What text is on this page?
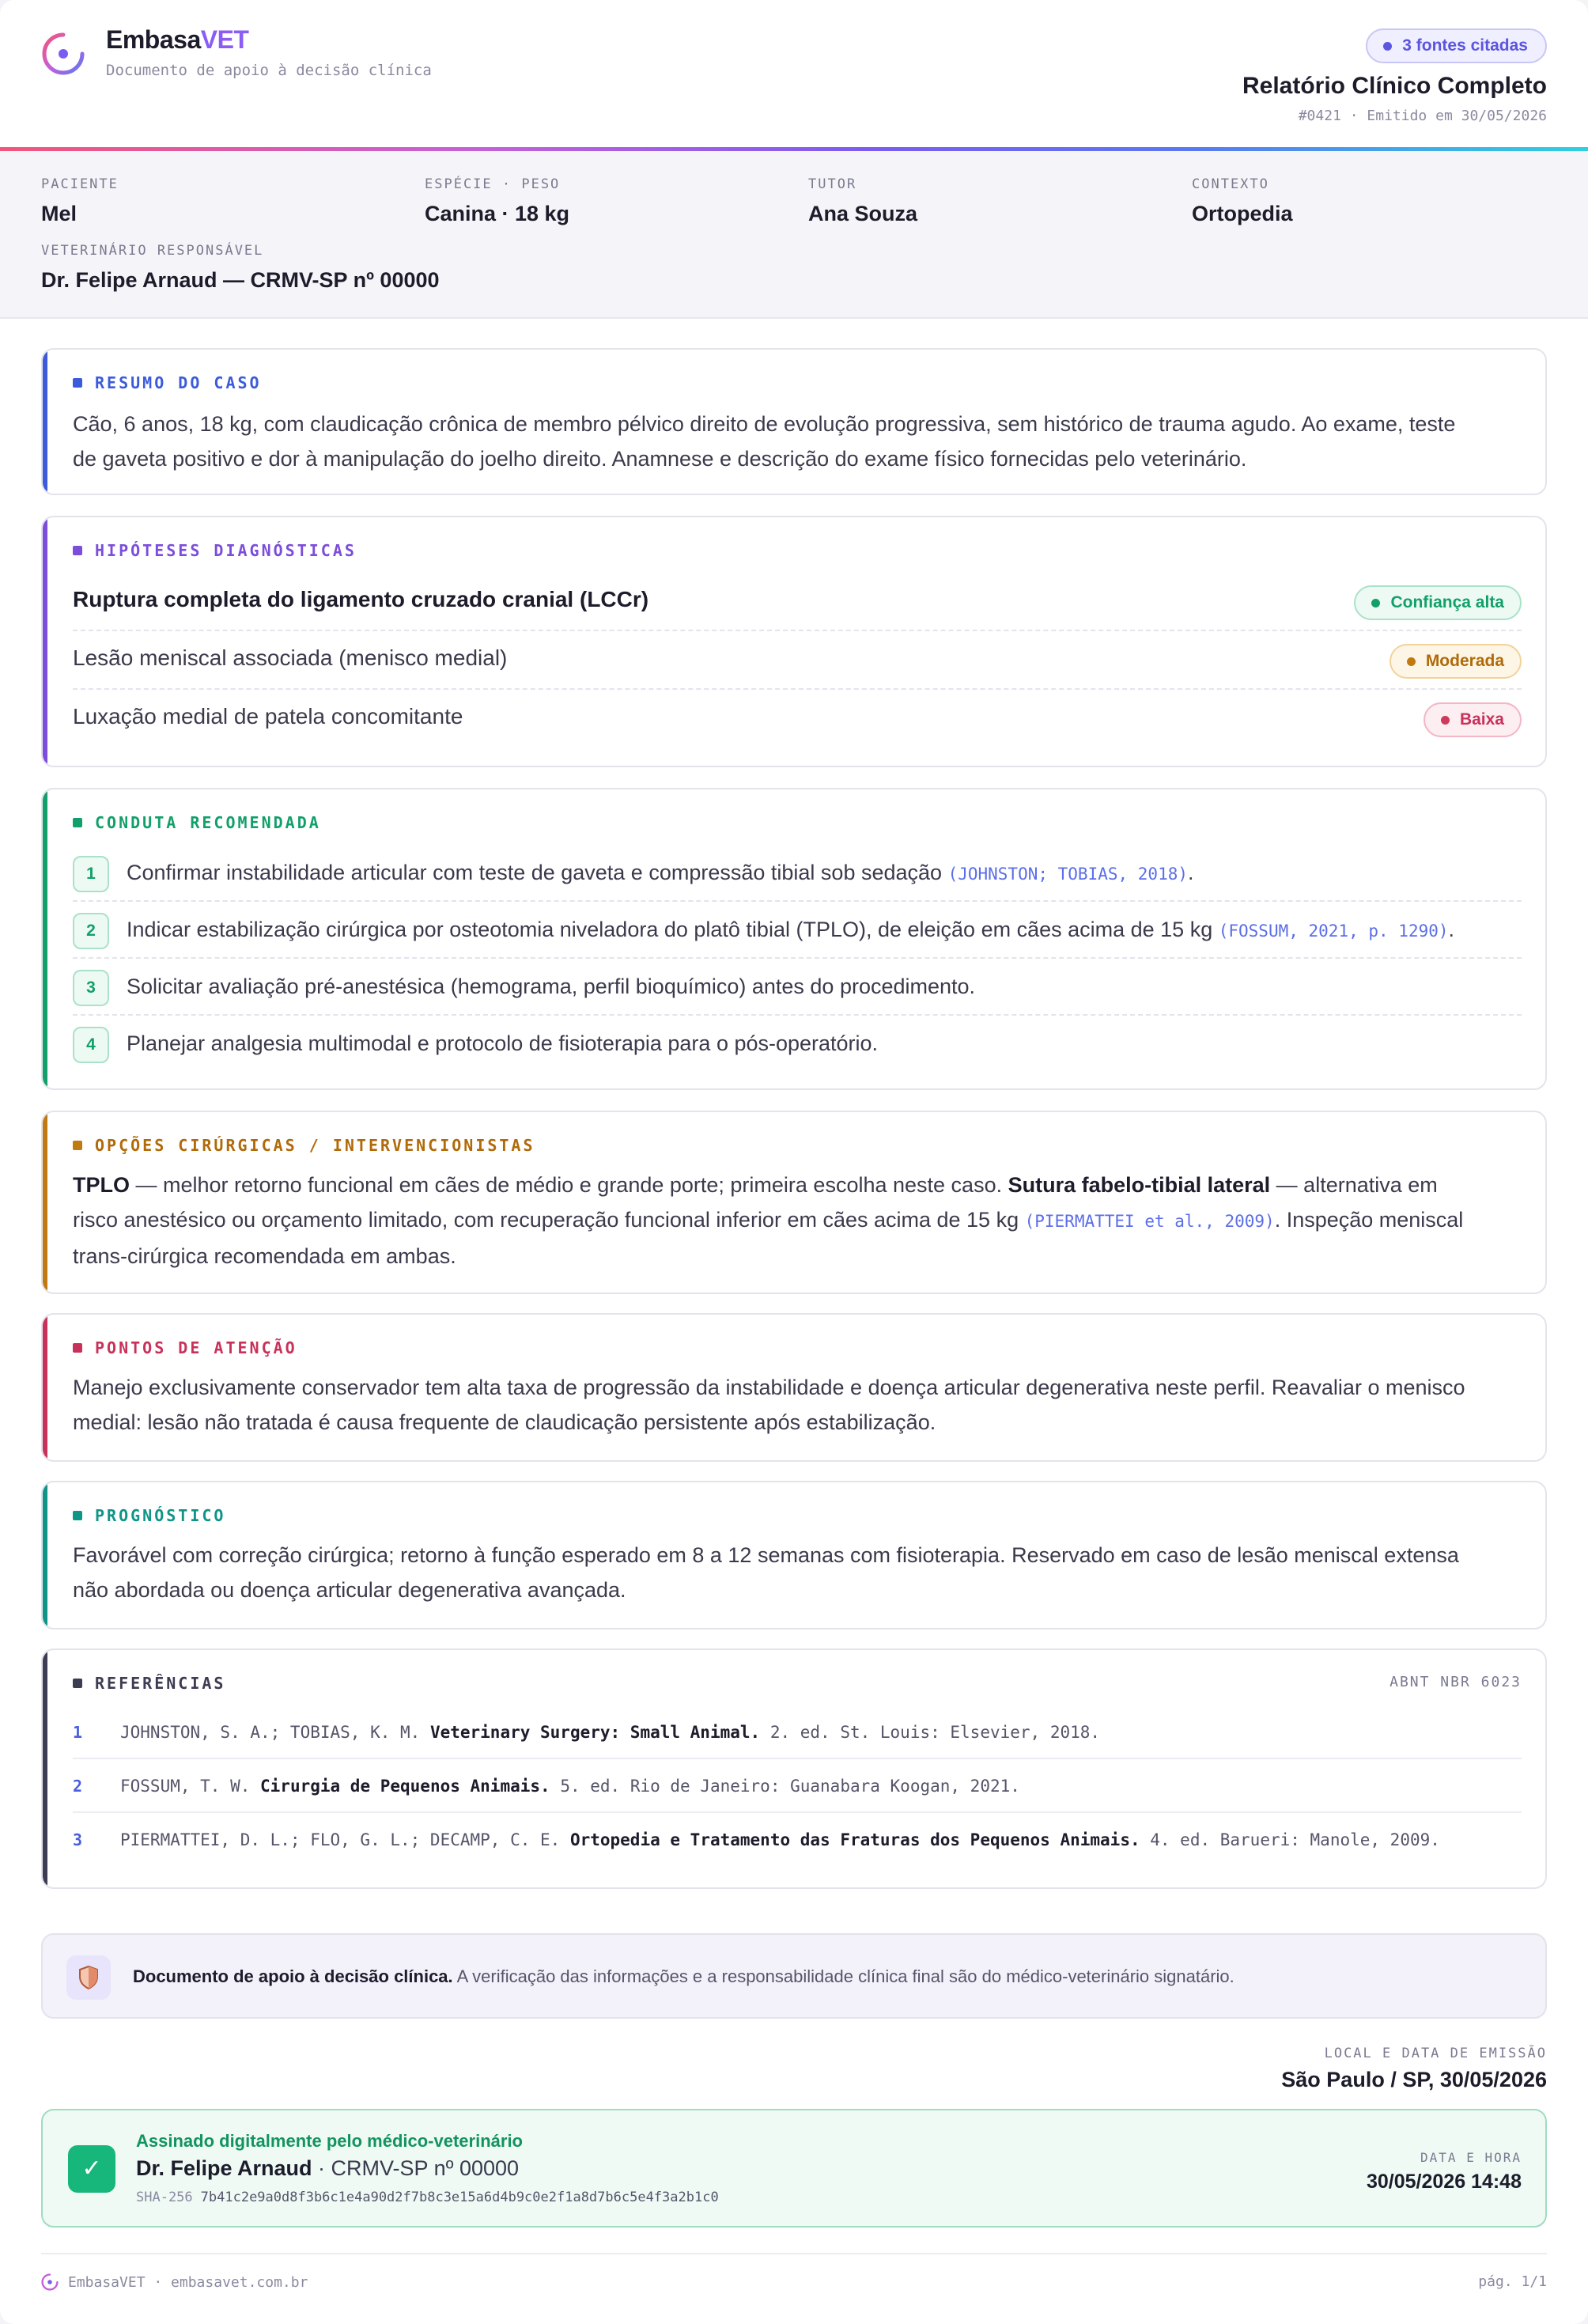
EmbasaVET
Documento de apoio à decisão clínica
3 fontes citadas
Relatório Clínico Completo
#0421 · Emitido em 30/05/2026
PACIENTE
Mel
ESPÉCIE · PESO
Canina · 18 kg
TUTOR
Ana Souza
CONTEXTO
Ortopedia
VETERINÁRIO RESPONSÁVEL
Dr. Felipe Arnaud — CRMV-SP nº 00000
RESUMO DO CASO
Cão, 6 anos, 18 kg, com claudicação crônica de membro pélvico direito de evolução progressiva, sem histórico de trauma agudo. Ao exame, teste de gaveta positivo e dor à manipulação do joelho direito. Anamnese e descrição do exame físico fornecidas pelo veterinário.
HIPÓTESES DIAGNÓSTICAS
Ruptura completa do ligamento cruzado cranial (LCCr)	Confiança alta
Lesão meniscal associada (menisco medial)	Moderada
Luxação medial de patela concomitante	Baixa
CONDUTA RECOMENDADA
1	Confirmar instabilidade articular com teste de gaveta e compressão tibial sob sedação (JOHNSTON; TOBIAS, 2018).
2	Indicar estabilização cirúrgica por osteotomia niveladora do platô tibial (TPLO), de eleição em cães acima de 15 kg (FOSSUM, 2021, p. 1290).
3	Solicitar avaliação pré-anestésica (hemograma, perfil bioquímico) antes do procedimento.
4	Planejar analgesia multimodal e protocolo de fisioterapia para o pós-operatório.
OPÇÕES CIRÚRGICAS / INTERVENCIONISTAS
TPLO — melhor retorno funcional em cães de médio e grande porte; primeira escolha neste caso. Sutura fabelo-tibial lateral — alternativa em risco anestésico ou orçamento limitado, com recuperação funcional inferior em cães acima de 15 kg (PIERMATTEI et al., 2009). Inspeção meniscal trans-cirúrgica recomendada em ambas.
PONTOS DE ATENÇÃO
Manejo exclusivamente conservador tem alta taxa de progressão da instabilidade e doença articular degenerativa neste perfil. Reavaliar o menisco medial: lesão não tratada é causa frequente de claudicação persistente após estabilização.
PROGNÓSTICO
Favorável com correção cirúrgica; retorno à função esperado em 8 a 12 semanas com fisioterapia. Reservado em caso de lesão meniscal extensa não abordada ou doença articular degenerativa avançada.
REFERÊNCIAS	ABNT NBR 6023
1 JOHNSTON, S. A.; TOBIAS, K. M. Veterinary Surgery: Small Animal. 2. ed. St. Louis: Elsevier, 2018.
2 FOSSUM, T. W. Cirurgia de Pequenos Animais. 5. ed. Rio de Janeiro: Guanabara Koogan, 2021.
3 PIERMATTEI, D. L.; FLO, G. L.; DECAMP, C. E. Ortopedia e Tratamento das Fraturas dos Pequenos Animais. 4. ed. Barueri: Manole, 2009.
Documento de apoio à decisão clínica. A verificação das informações e a responsabilidade clínica final são do médico-veterinário signatário.
LOCAL E DATA DE EMISSÃO
São Paulo / SP, 30/05/2026
✓
Assinado digitalmente pelo médico-veterinário
Dr. Felipe Arnaud · CRMV-SP nº 00000
SHA-256 7b41c2e9a0d8f3b6c1e4a90d2f7b8c3e15a6d4b9c0e2f1a8d7b6c5e4f3a2b1c0
DATA E HORA
30/05/2026 14:48
EmbasaVET · embasavet.com.br	pág. 1/1
